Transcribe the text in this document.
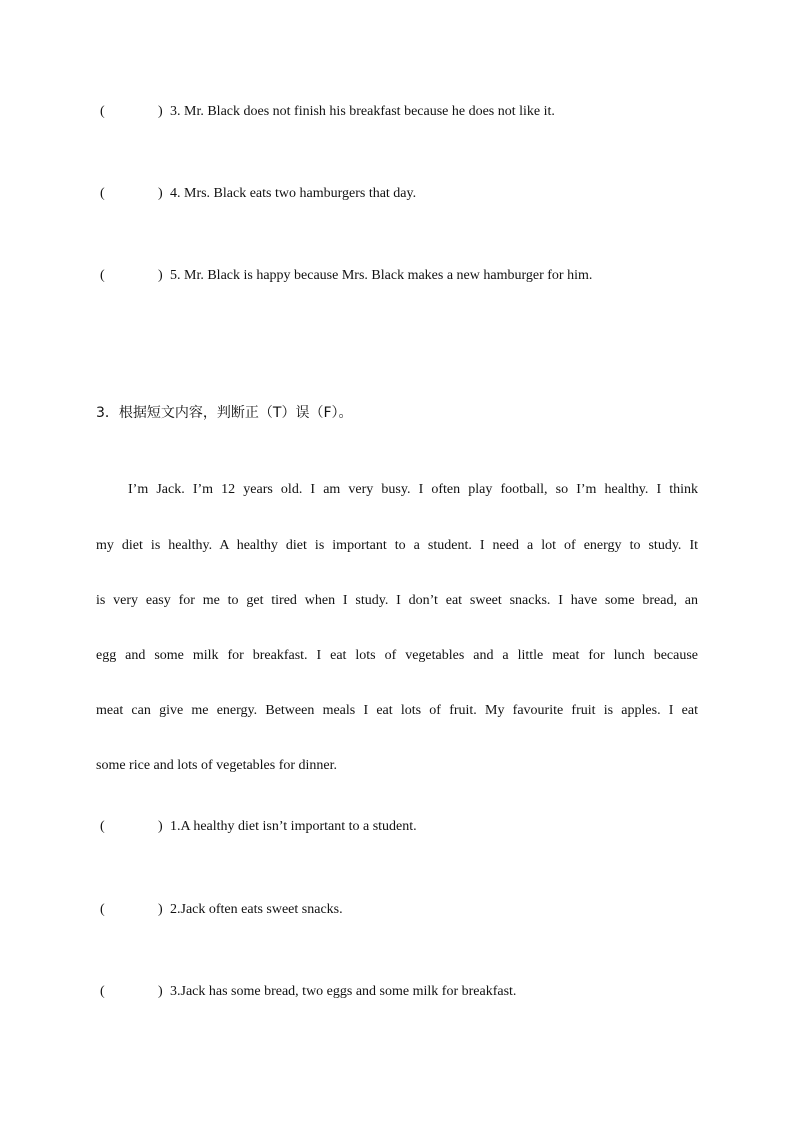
(	) 3. Mr. Black does not finish his breakfast because he does not like it.
(	) 4. Mrs. Black eats two hamburgers that day.
(	) 5. Mr. Black is happy because Mrs. Black makes a new hamburger for him.
3．根据短文内容，判断正（T）误（F）。
I’m Jack. I’m 12 years old. I am very busy. I often play football, so I’m healthy. I think
my diet is healthy. A healthy diet is important to a student. I need a lot of energy to study. It
is very easy for me to get tired when I study. I don’t eat sweet snacks. I have some bread, an
egg and some milk for breakfast. I eat lots of vegetables and a little meat for lunch because
meat can give me energy. Between meals I eat lots of fruit. My favourite fruit is apples. I eat
some rice and lots of vegetables for dinner.
(	) 1.A healthy diet isn’t important to a student.
(	) 2.Jack often eats sweet snacks.
(	) 3.Jack has some bread, two eggs and some milk for breakfast.
